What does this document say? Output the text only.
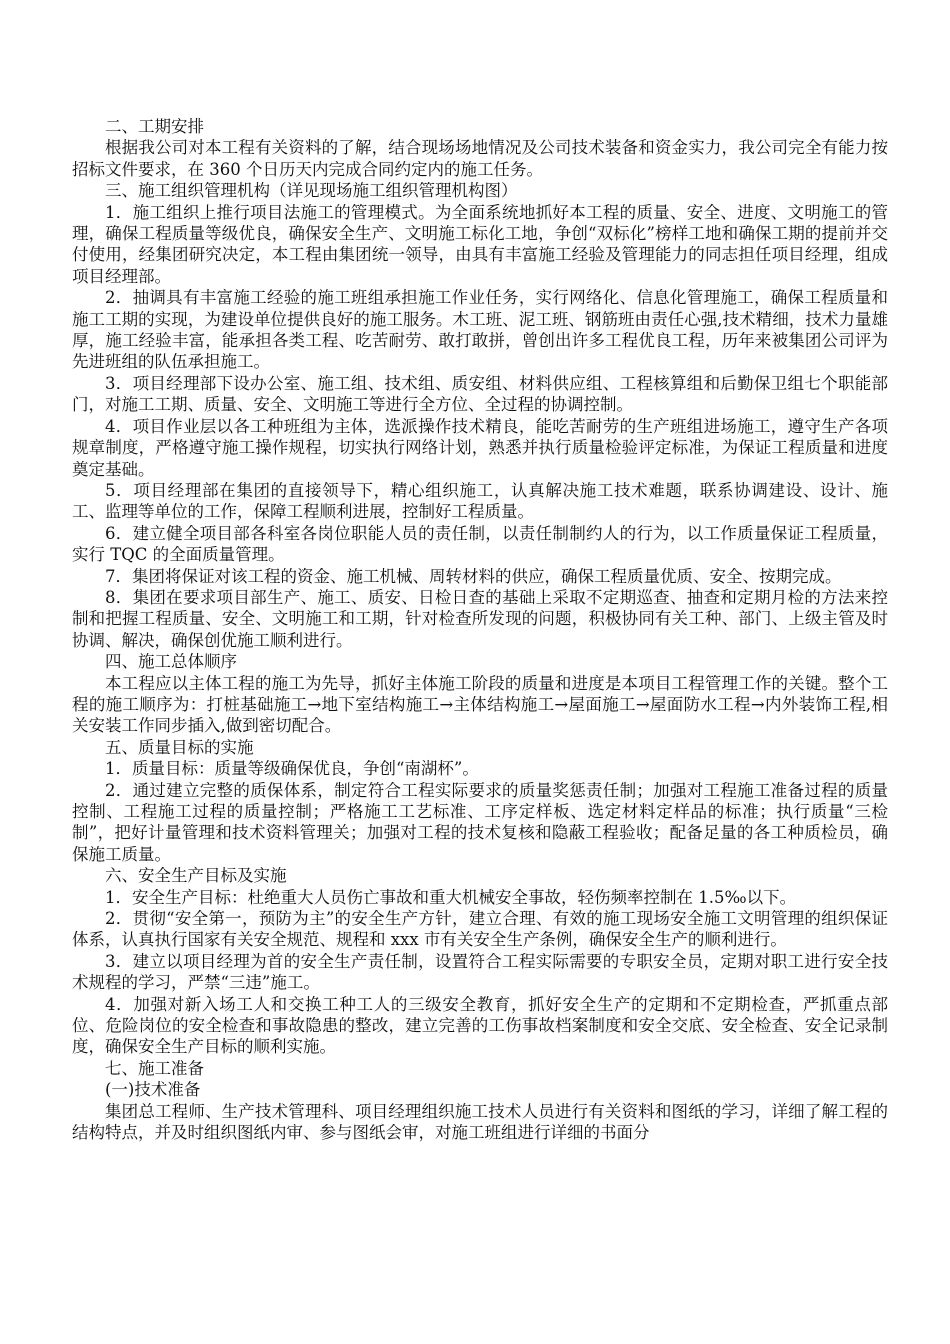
二、工期安排

根据我公司对本工程有关资料的了解，结合现场场地情况及公司技术装备和资金实力，我公司完全有能力按招标文件要求，在 360 个日历天内完成合同约定内的施工任务。

三、施工组织管理机构（详见现场施工组织管理机构图）

1．施工组织上推行项目法施工的管理模式。为全面系统地抓好本工程的质量、安全、进度、文明施工的管理，确保工程质量等级优良，确保安全生产、文明施工标化工地，争创“双标化”榜样工地和确保工期的提前并交付使用，经集团研究决定，本工程由集团统一领导，由具有丰富施工经验及管理能力的同志担任项目经理，组成项目经理部。

2．抽调具有丰富施工经验的施工班组承担施工作业任务，实行网络化、信息化管理施工，确保工程质量和施工工期的实现，为建设单位提供良好的施工服务。木工班、泥工班、钢筋班由责任心强,技术精细，技术力量雄厚，施工经验丰富，能承担各类工程、吃苦耐劳、敢打敢拼，曾创出许多工程优良工程，历年来被集团公司评为先进班组的队伍承担施工。

3．项目经理部下设办公室、施工组、技术组、质安组、材料供应组、工程核算组和后勤保卫组七个职能部门，对施工工期、质量、安全、文明施工等进行全方位、全过程的协调控制。

4．项目作业层以各工种班组为主体，选派操作技术精良，能吃苦耐劳的生产班组进场施工，遵守生产各项规章制度，严格遵守施工操作规程，切实执行网络计划，熟悉并执行质量检验评定标准，为保证工程质量和进度奠定基础。

5．项目经理部在集团的直接领导下，精心组织施工，认真解决施工技术难题，联系协调建设、设计、施工、监理等单位的工作，保障工程顺利进展，控制好工程质量。

6．建立健全项目部各科室各岗位职能人员的责任制，以责任制制约人的行为，以工作质量保证工程质量，实行 TQC 的全面质量管理。

7．集团将保证对该工程的资金、施工机械、周转材料的供应，确保工程质量优质、安全、按期完成。

8．集团在要求项目部生产、施工、质安、日检日查的基础上采取不定期巡查、抽查和定期月检的方法来控制和把握工程质量、安全、文明施工和工期，针对检查所发现的问题，积极协同有关工种、部门、上级主管及时协调、解决，确保创优施工顺利进行。

四、施工总体顺序

本工程应以主体工程的施工为先导，抓好主体施工阶段的质量和进度是本项目工程管理工作的关键。整个工程的施工顺序为：打桩基础施工→地下室结构施工→主体结构施工→屋面施工→屋面防水工程→内外装饰工程,相关安装工作同步插入,做到密切配合。

五、质量目标的实施

1．质量目标：质量等级确保优良，争创“南湖杯”。

2．通过建立完整的质保体系，制定符合工程实际要求的质量奖惩责任制；加强对工程施工准备过程的质量控制、工程施工过程的质量控制；严格施工工艺标准、工序定样板、选定材料定样品的标准；执行质量“三检制”，把好计量管理和技术资料管理关；加强对工程的技术复核和隐蔽工程验收；配备足量的各工种质检员，确保施工质量。

六、安全生产目标及实施

1．安全生产目标：杜绝重大人员伤亡事故和重大机械安全事故，轻伤频率控制在 1.5‰以下。

2．贯彻“安全第一，预防为主”的安全生产方针，建立合理、有效的施工现场安全施工文明管理的组织保证体系，认真执行国家有关安全规范、规程和 xxx 市有关安全生产条例，确保安全生产的顺利进行。

3．建立以项目经理为首的安全生产责任制，设置符合工程实际需要的专职安全员，定期对职工进行安全技术规程的学习，严禁“三违”施工。

4．加强对新入场工人和交换工种工人的三级安全教育，抓好安全生产的定期和不定期检查，严抓重点部位、危险岗位的安全检查和事故隐患的整改，建立完善的工伤事故档案制度和安全交底、安全检查、安全记录制度，确保安全生产目标的顺利实施。

七、施工准备

(一)技术准备

集团总工程师、生产技术管理科、项目经理组织施工技术人员进行有关资料和图纸的学习，详细了解工程的结构特点，并及时组织图纸内审、参与图纸会审，对施工班组进行详细的书面分
